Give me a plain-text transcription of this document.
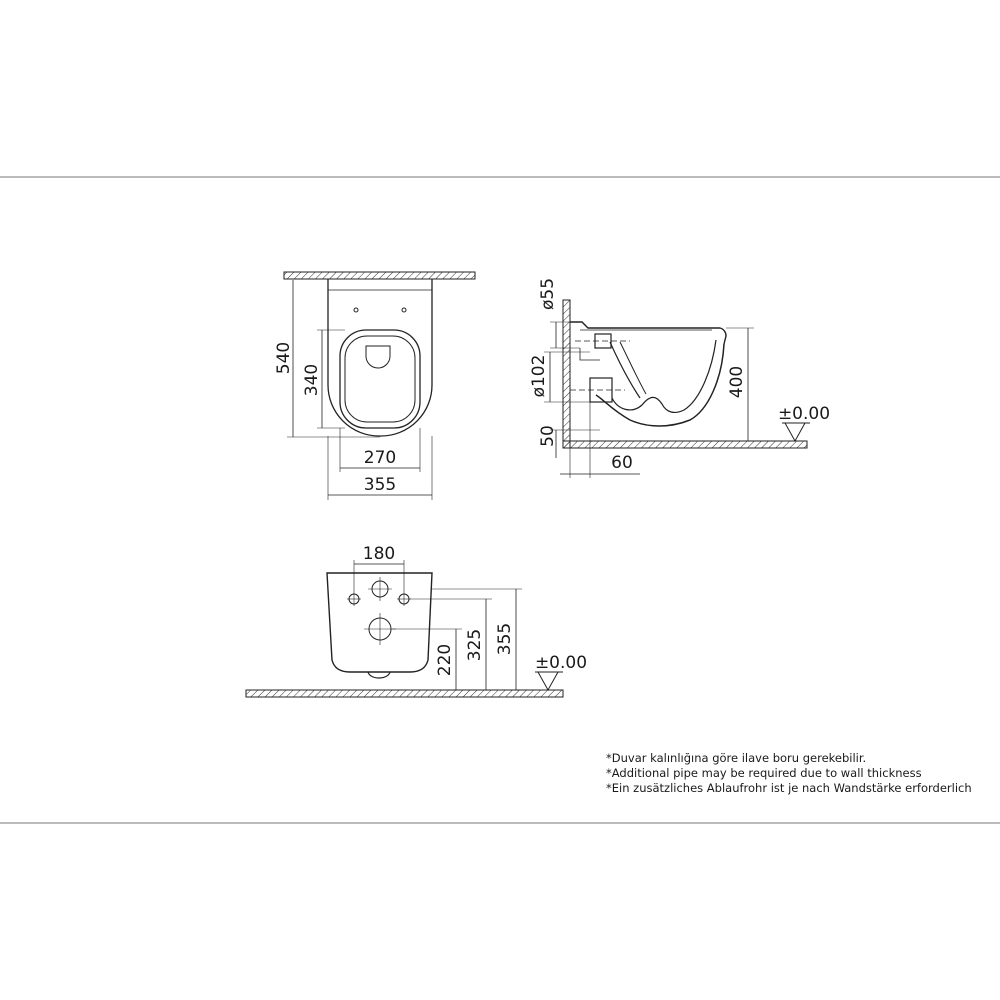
540
340
270
355
ø55
ø102
50
400
60
±0.00
180
220 325 355
±0.00
*Duvar kalınlığına göre ilave boru gerekebilir.
*Additional pipe may be required due to wall thickness
*Ein zusätzliches Ablaufrohr ist je nach Wandstärke erforderlich
